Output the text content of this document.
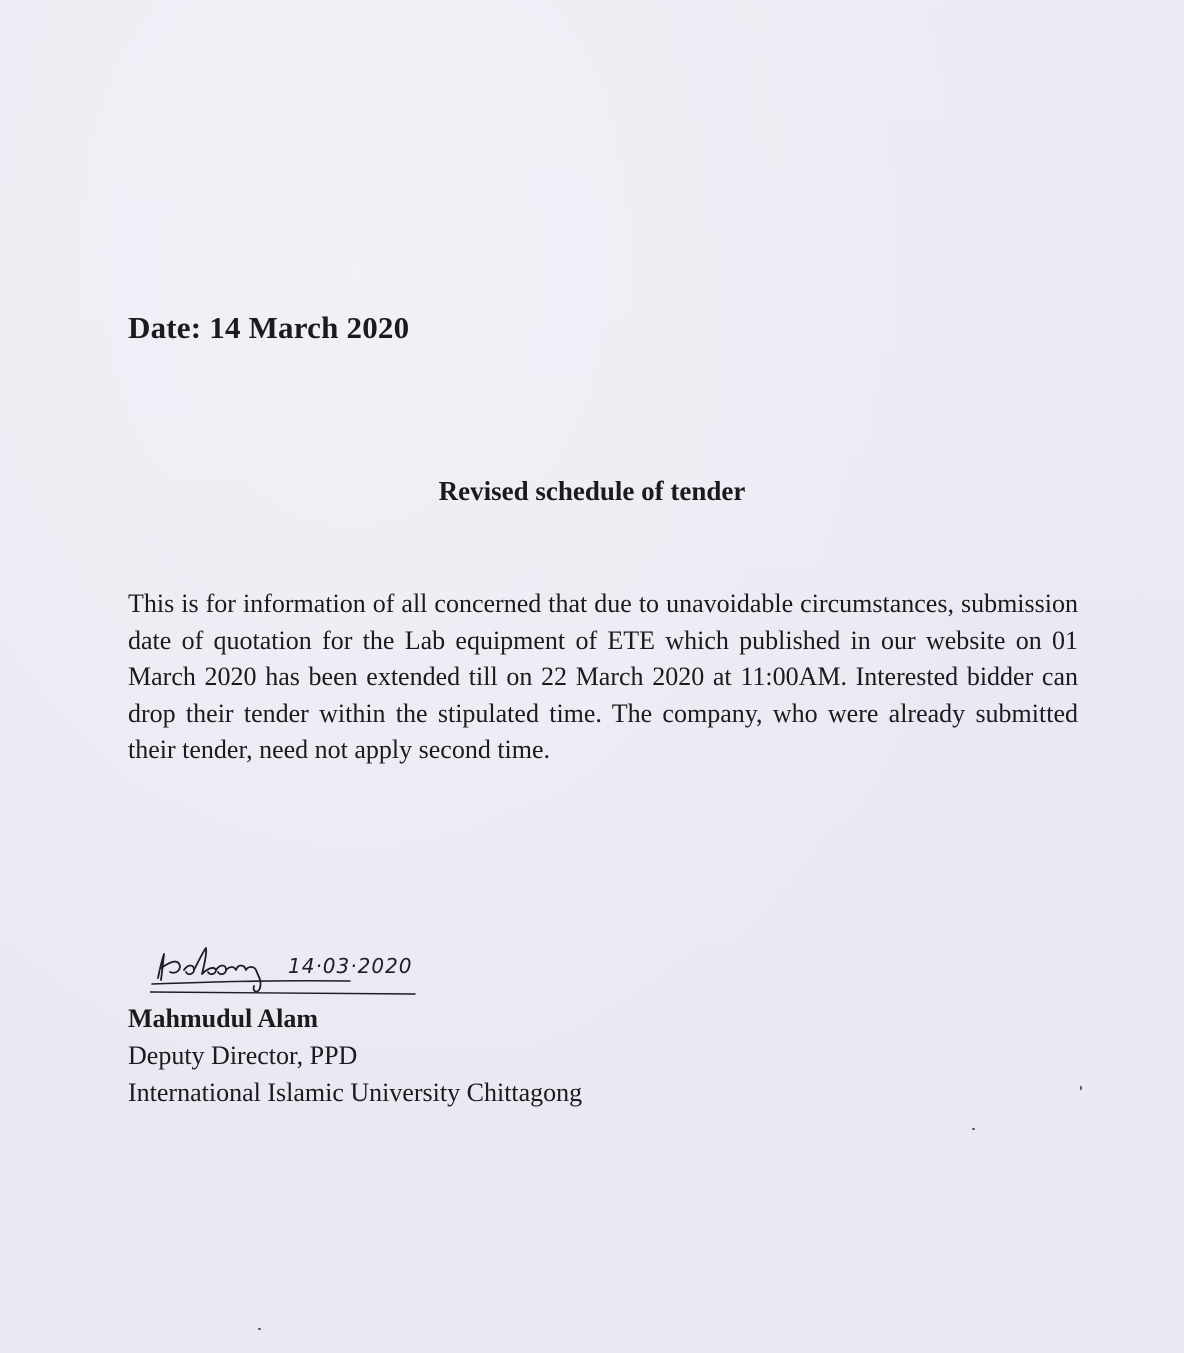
Date: 14 March 2020
Revised schedule of tender
This is for information of all concerned that due to unavoidable circumstances, submission date of quotation for the Lab equipment of ETE which published in our website on 01 March 2020 has been extended till on 22 March 2020 at 11:00AM. Interested bidder can drop their tender within the stipulated time. The company, who were already submitted their tender, need not apply second time.
14·03·2020
Mahmudul Alam
Deputy Director, PPD
International Islamic University Chittagong
